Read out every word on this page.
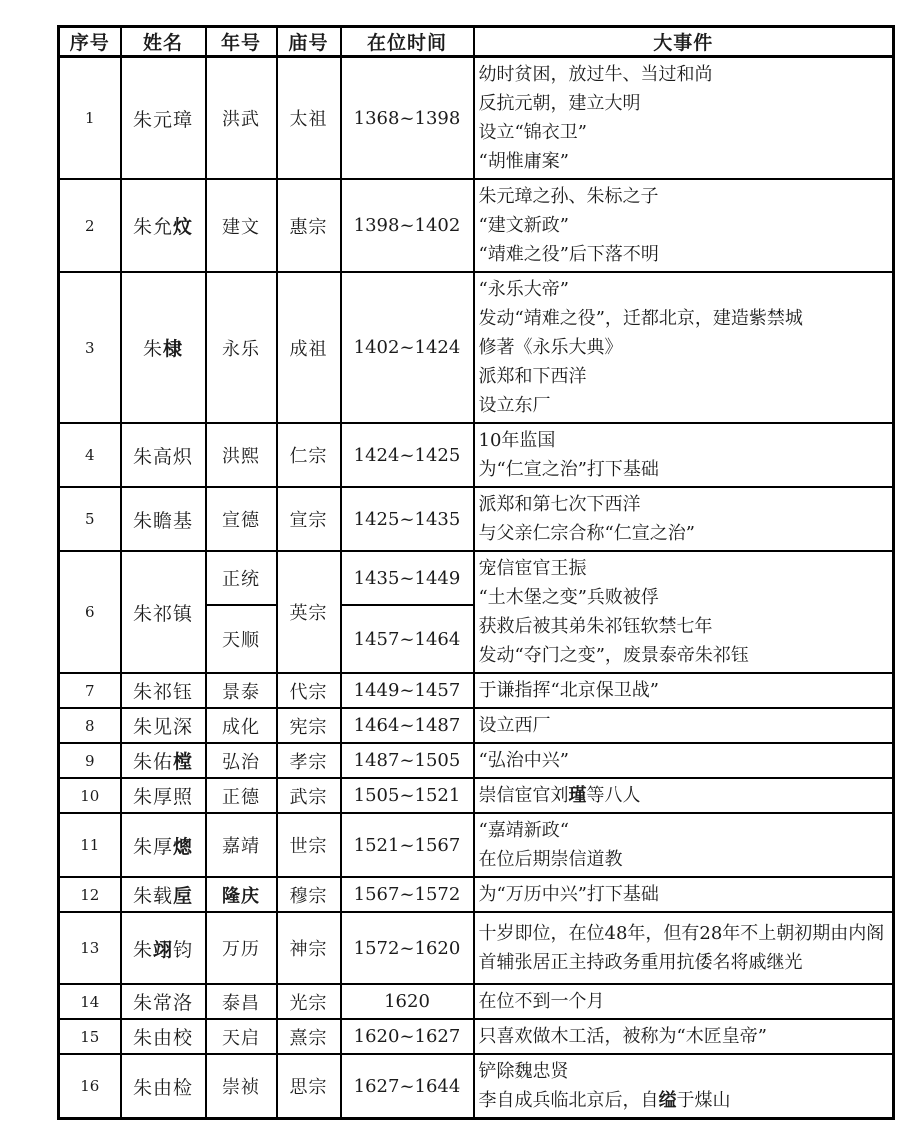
序号	姓名	年号	庙号	在位时间	大事件
1	朱元璋	洪武	太祖	1368~1398	幼时贫困，放过牛、当过和尚
反抗元朝，建立大明
设立“锦衣卫”
“胡惟庸案”

2	朱允炆	建文	惠宗	1398~1402	朱元璋之孙、朱标之子
“建文新政”
“靖难之役”后下落不明

3	朱棣	永乐	成祖	1402~1424	“永乐大帝”
发动“靖难之役”，迁都北京，建造紫禁城
修著《永乐大典》
派郑和下西洋
设立东厂

4	朱高炽	洪熙	仁宗	1424~1425	10年监国
为“仁宣之治”打下基础

5	朱瞻基	宣德	宣宗	1425~1435	派郑和第七次下西洋
与父亲仁宗合称“仁宣之治”

6	朱祁镇	正统	英宗	1435~1449	宠信宦官王振
“土木堡之变”兵败被俘
获救后被其弟朱祁钰软禁七年
发动“夺门之变”，废景泰帝朱祁钰

		天顺		1457~1464	
7	朱祁钰	景泰	代宗	1449~1457	于谦指挥“北京保卫战”

8	朱见深	成化	宪宗	1464~1487	设立西厂

9	朱佑樘	弘治	孝宗	1487~1505	“弘治中兴”

10	朱厚照	正德	武宗	1505~1521	崇信宦官刘瑾等八人

11	朱厚熜	嘉靖	世宗	1521~1567	“嘉靖新政“
在位后期崇信道教

12	朱载垕	隆庆	穆宗	1567~1572	为“万历中兴”打下基础

13	朱翊钧	万历	神宗	1572~1620	十岁即位，在位48年，但有28年不上朝初期由内阁首辅张居正主持政务重用抗倭名将戚继光

14	朱常洛	泰昌	光宗	1620	在位不到一个月

15	朱由校	天启	熹宗	1620~1627	只喜欢做木工活，被称为“木匠皇帝”

16	朱由检	崇祯	思宗	1627~1644	铲除魏忠贤
李自成兵临北京后，自缢于煤山
